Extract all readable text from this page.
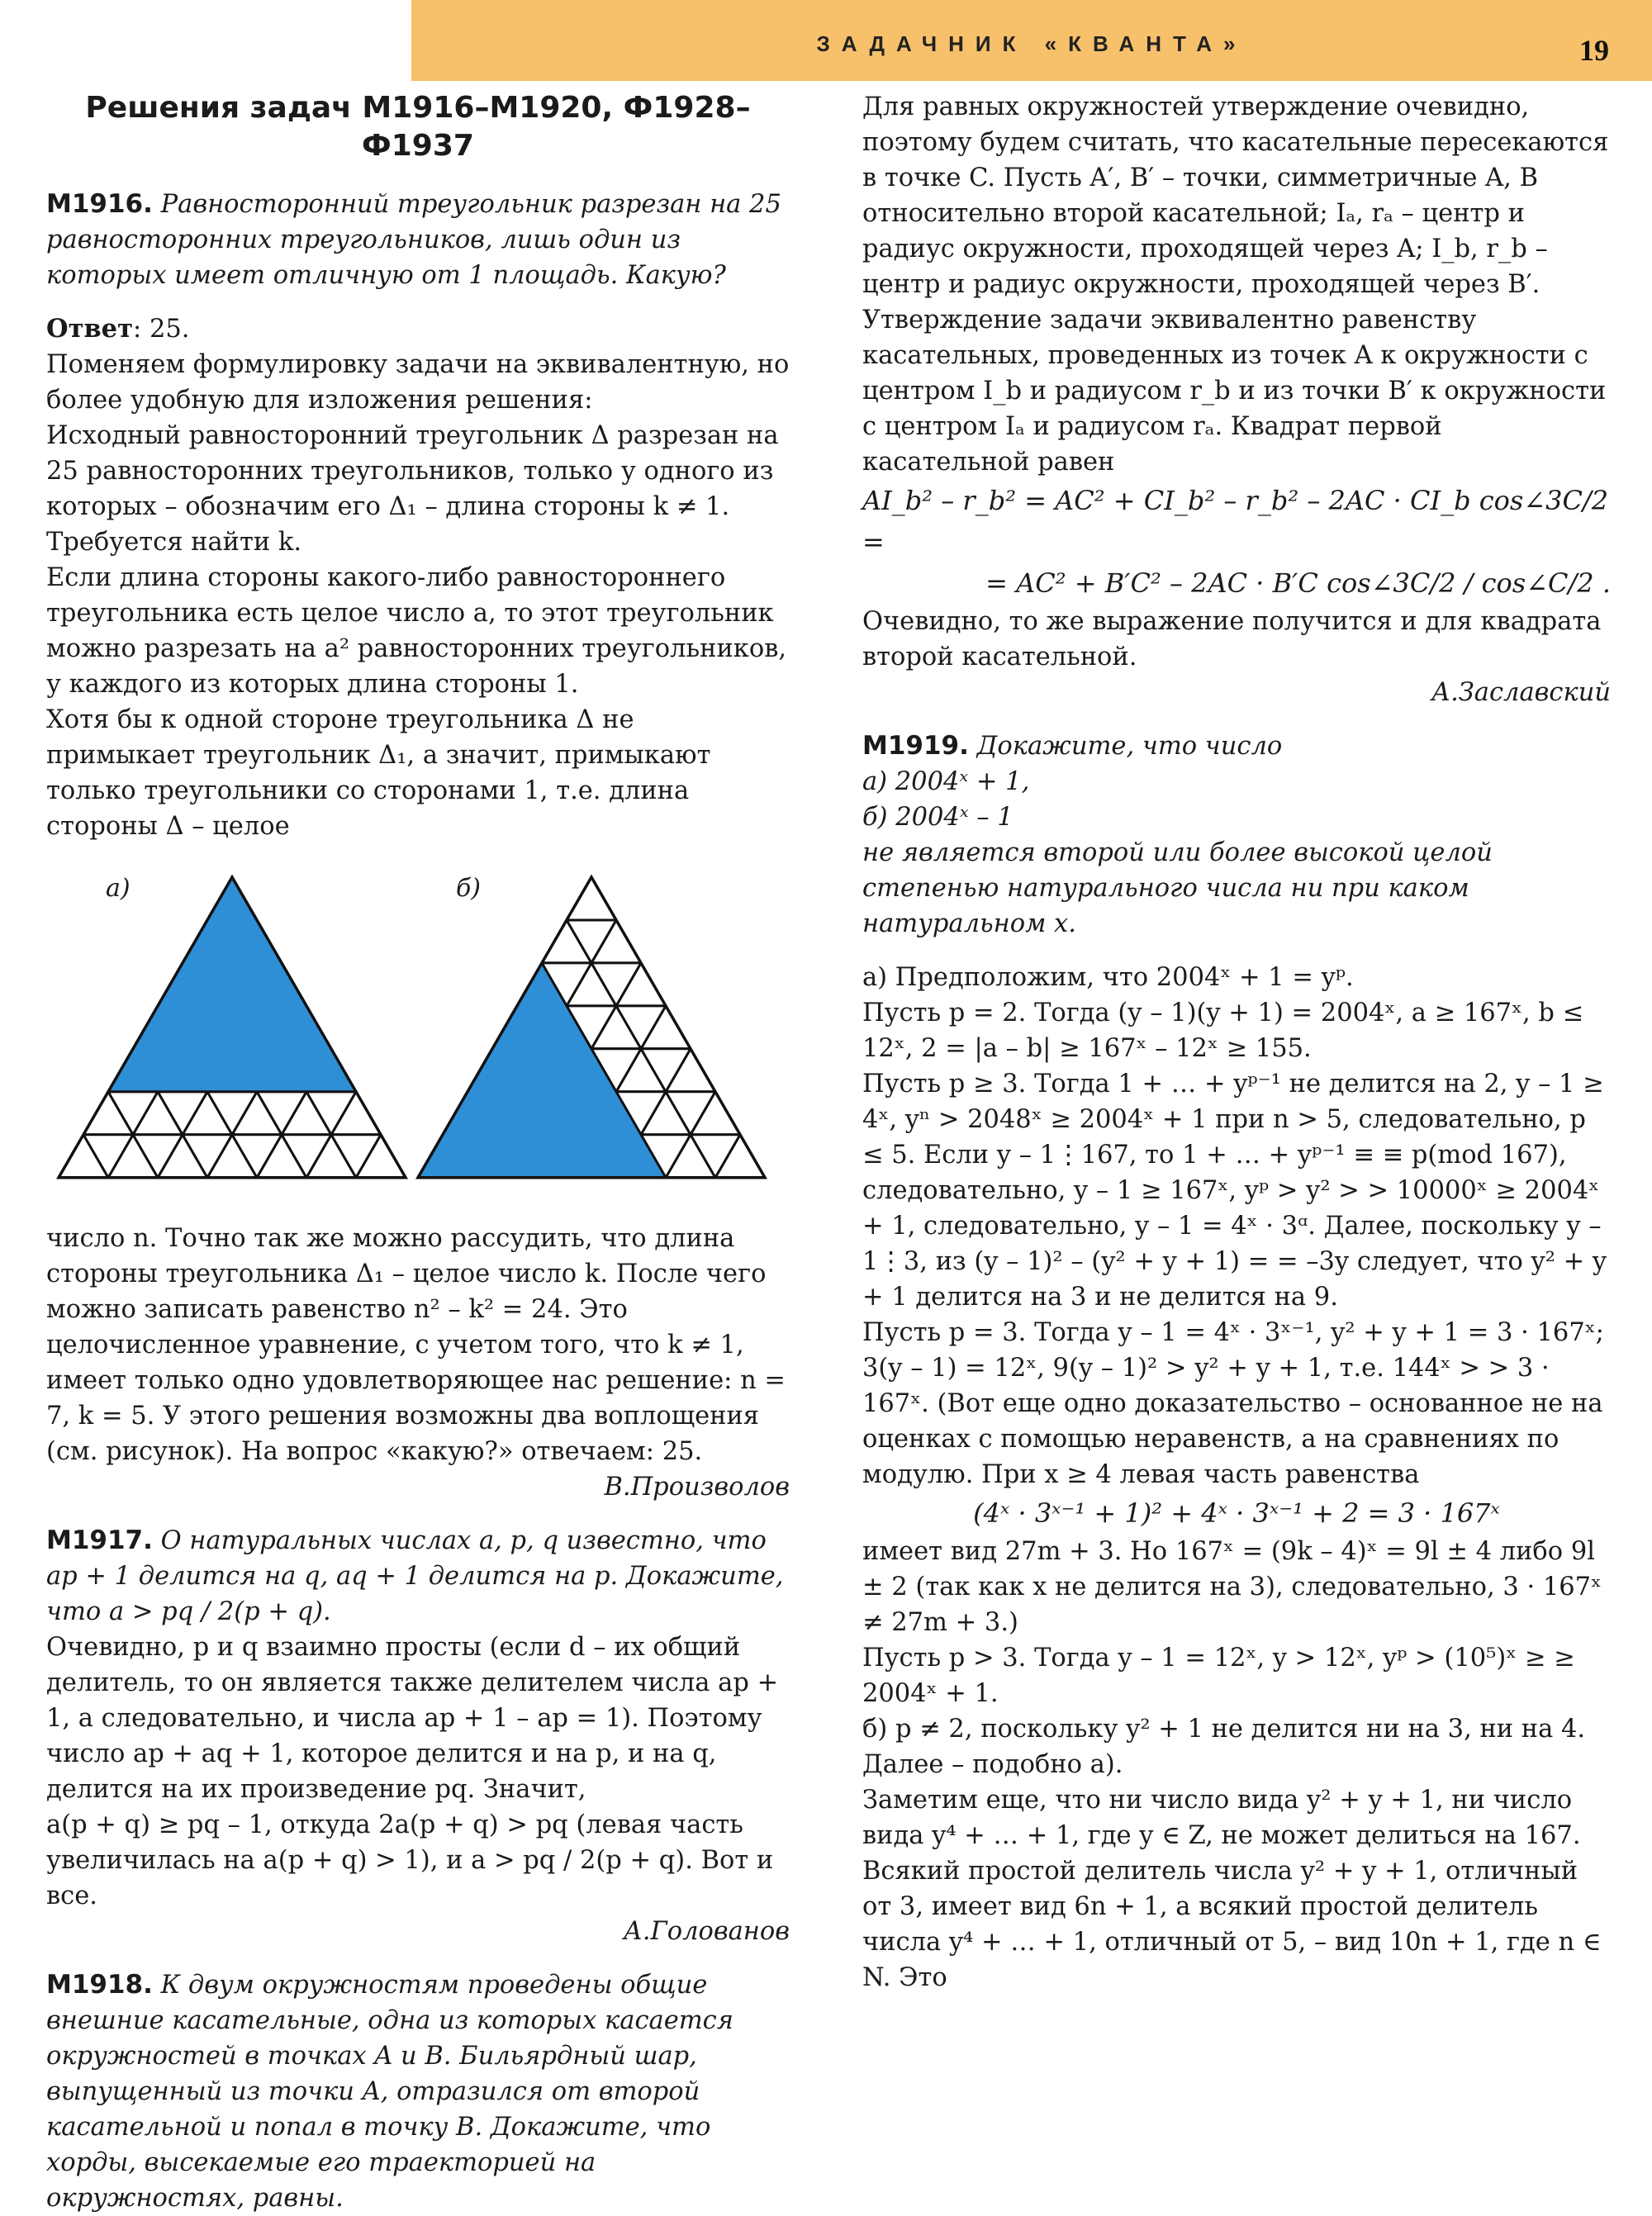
ЗАДАЧНИК «КВАНТА»	19
Решения задач М1916–М1920, Ф1928–Ф1937

М1916. Равносторонний треугольник разрезан на 25 равносторонних треугольников, лишь один из которых имеет отличную от 1 площадь. Какую?

Ответ: 25.

Поменяем формулировку задачи на эквивалентную, но более удобную для изложения решения:

Исходный равносторонний треугольник Δ разрезан на 25 равносторонних треугольников, только у одного из которых – обозначим его Δ₁ – длина стороны k ≠ 1. Требуется найти k.

Если длина стороны какого-либо равностороннего треугольника есть целое число a, то этот треугольник можно разрезать на a² равносторонних треугольников, у каждого из которых длина стороны 1.

Хотя бы к одной стороне треугольника Δ не примыкает треугольник Δ₁, а значит, примыкают только треугольники со сторонами 1, т.е. длина стороны Δ – целое

а)	б)

число n. Точно так же можно рассудить, что длина стороны треугольника Δ₁ – целое число k. После чего можно записать равенство n² – k² = 24. Это целочисленное уравнение, с учетом того, что k ≠ 1, имеет только одно удовлетворяющее нас решение: n = 7, k = 5. У этого решения возможны два воплощения (см. рисунок). На вопрос «какую?» отвечаем: 25.

В.Произволов

М1917. О натуральных числах a, p, q известно, что ap + 1 делится на q, aq + 1 делится на p. Докажите, что a > pq / 2(p + q).

Очевидно, p и q взаимно просты (если d – их общий делитель, то он является также делителем числа ap + 1, а следовательно, и числа ap + 1 – ap = 1). Поэтому число ap + aq + 1, которое делится и на p, и на q, делится на их произведение pq. Значит,

a(p + q) ≥ pq – 1, откуда 2a(p + q) > pq (левая часть увеличилась на a(p + q) > 1), и a > pq / 2(p + q). Вот и все.

А.Голованов

М1918. К двум окружностям проведены общие внешние касательные, одна из которых касается окружностей в точках A и B. Бильярдный шар, выпущенный из точки A, отразился от второй касательной и попал в точку B. Докажите, что хорды, высекаемые его траекторией на окружностях, равны.

Для равных окружностей утверждение очевидно, поэтому будем считать, что касательные пересекаются в точке C. Пусть A′, B′ – точки, симметричные A, B относительно второй касательной; Iₐ, rₐ – центр и радиус окружности, проходящей через A; I_b, r_b – центр и радиус окружности, проходящей через B′. Утверждение задачи эквивалентно равенству касательных, проведенных из точек A к окружности с центром I_b и радиусом r_b и из точки B′ к окружности с центром Iₐ и радиусом rₐ. Квадрат первой касательной равен

AI_b² – r_b² = AC² + CI_b² – r_b² – 2AC · CI_b cos∠3C/2 =

= AC² + B′C² – 2AC · B′C cos∠3C/2 / cos∠C/2 .

Очевидно, то же выражение получится и для квадрата второй касательной.

А.Заславский

М1919. Докажите, что число

а) 2004ˣ + 1,

б) 2004ˣ – 1

не является второй или более высокой целой степенью натурального числа ни при каком натуральном x.

а) Предположим, что 2004ˣ + 1 = yᵖ.

Пусть p = 2. Тогда (y – 1)(y + 1) = 2004ˣ, a ≥ 167ˣ, b ≤ 12ˣ, 2 = |a – b| ≥ 167ˣ – 12ˣ ≥ 155.

Пусть p ≥ 3. Тогда 1 + … + yᵖ⁻¹ не делится на 2, y – 1 ≥ 4ˣ, yⁿ > 2048ˣ ≥ 2004ˣ + 1 при n > 5, следовательно, p ≤ 5. Если y – 1⋮167, то 1 + … + yᵖ⁻¹ ≡ ≡ p(mod 167), следовательно, y – 1 ≥ 167ˣ, yᵖ > y² > > 10000ˣ ≥ 2004ˣ + 1, следовательно, y – 1 = 4ˣ · 3ᵅ. Далее, поскольку y – 1⋮3, из (y – 1)² – (y² + y + 1) = = –3y следует, что y² + y + 1 делится на 3 и не делится на 9.

Пусть p = 3. Тогда y – 1 = 4ˣ · 3ˣ⁻¹, y² + y + 1 = 3 · 167ˣ; 3(y – 1) = 12ˣ, 9(y – 1)² > y² + y + 1, т.е. 144ˣ > > 3 · 167ˣ. (Вот еще одно доказательство – основанное не на оценках с помощью неравенств, а на сравнениях по модулю. При x ≥ 4 левая часть равенства

(4ˣ · 3ˣ⁻¹ + 1)² + 4ˣ · 3ˣ⁻¹ + 2 = 3 · 167ˣ

имеет вид 27m + 3. Но 167ˣ = (9k – 4)ˣ = 9l ± 4 либо 9l ± 2 (так как x не делится на 3), следовательно, 3 · 167ˣ ≠ 27m + 3.)

Пусть p > 3. Тогда y – 1 = 12ˣ, y > 12ˣ, yᵖ > (10⁵)ˣ ≥ ≥ 2004ˣ + 1.

б) p ≠ 2, поскольку y² + 1 не делится ни на 3, ни на 4. Далее – подобно а).

Заметим еще, что ни число вида y² + y + 1, ни число вида y⁴ + … + 1, где y ∈ Z, не может делиться на 167. Всякий простой делитель числа y² + y + 1, отличный от 3, имеет вид 6n + 1, а всякий простой делитель числа y⁴ + … + 1, отличный от 5, – вид 10n + 1, где n ∈ N. Это
